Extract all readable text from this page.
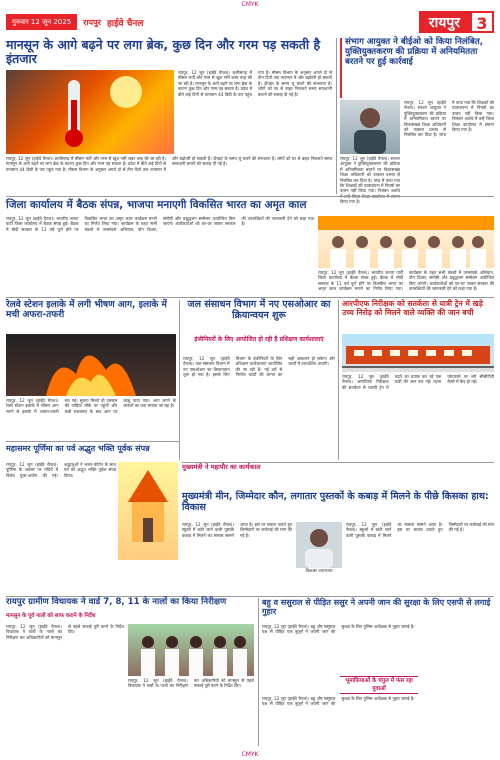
CMYK
गुरुवार 12 जून 2025 रायपुर हाईवे चैनल	रायपुर	3
मानसून के आगे बढ़ने पर लगा ब्रेक, कुछ दिन और गरम पड़ सकती है इंतजार
रायपुर, 12 जून (हाईवे चैनल)। छत्तीसगढ़ में मौसम भर्ती और गरम से खुश गर्मी जबर तरह की जा रही है। मानसून के आगे बढ़ने पर लगा ब्रेक के कारण कुछ दिन और गरम पड़ सकता है। प्रदेश में बीते कई दिनों से तापमान 44 डिग्री के पार पहुंच गया है। मौसम विभाग के अनुसार अगले दो से तीन दिनों तक तापमान में और बढ़ोतरी हो सकती है। दोपहर के समय लू चलने की संभावना है। लोगों को घर से बाहर निकलते समय सावधानी बरतने की सलाह दी गई है।
रायपुर, 12 जून (हाईवे चैनल)। छत्तीसगढ़ में मौसम भर्ती और गरम से खुश गर्मी जबर तरह की जा रही है। मानसून के आगे बढ़ने पर लगा ब्रेक के कारण कुछ दिन और गरम पड़ सकता है। प्रदेश में बीते कई दिनों से तापमान 44 डिग्री के पार पहुंच गया है। मौसम विभाग के अनुसार अगले दो से तीन दिनों तक तापमान में और बढ़ोतरी हो सकती है। दोपहर के समय लू चलने की संभावना है। लोगों को घर से बाहर निकलते समय सावधानी बरतने की सलाह दी गई है।
संभाग आयुक्त ने बीईओ को किया निलंबित, युक्तियुक्तकरण की प्रक्रिया में अनियमितता बरतने पर हुई कार्रवाई
रायपुर, 12 जून (हाईवे चैनल)। संभाग आयुक्त ने युक्तियुक्तकरण की प्रक्रिया में अनियमितता बरतने पर विकासखंड शिक्षा अधिकारी को तत्काल प्रभाव से निलंबित कर दिया है। जांच में पाया गया कि शिक्षकों की पदस्थापना में नियमों का पालन नहीं किया गया। निलंबन अवधि में उन्हें जिला शिक्षा कार्यालय में संलग्न किया गया है।
रायपुर, 12 जून (हाईवे चैनल)। संभाग आयुक्त ने युक्तियुक्तकरण की प्रक्रिया में अनियमितता बरतने पर विकासखंड शिक्षा अधिकारी को तत्काल प्रभाव से निलंबित कर दिया है। जांच में पाया गया कि शिक्षकों की पदस्थापना में नियमों का पालन नहीं किया गया। निलंबन अवधि किया गया है।
जिला कार्यालय में बैठक संपन्न, भाजपा मनाएगी विकसित भारत का अमृत काल
रायपुर, 12 जून (हाईवे चैनल)। भारतीय जनता पार्टी जिला कार्यालय में बैठक संपन्न हुई। बैठक में मोदी सरकार के 11 वर्ष पूर्ण होने पर विकसित भारत का अमृत काल कार्यक्रम मनाने का निर्णय लिया गया। कार्यक्रम के तहत सभी मंडलों में जनसंपर्क अभियान, योग दिवस, संगोष्ठी और प्रबुद्धजन सम्मेलन आयोजित किए जाएंगे। कार्यकर्ताओं को घर-घर जाकर सरकार की उपलब्धियों की जानकारी देने को कहा गया है।
रायपुर, 12 जून (हाईवे चैनल)। भारतीय जनता पार्टी जिला कार्यालय में बैठक संपन्न हुई। बैठक में मोदी सरकार के 11 वर्ष पूर्ण होने पर विकसित भारत का अमृत काल कार्यक्रम मनाने का निर्णय लिया गया। कार्यक्रम के तहत सभी मंडलों में जनसंपर्क अभियान, योग दिवस, संगोष्ठी और प्रबुद्धजन सम्मेलन आयोजित किए जाएंगे। कार्यकर्ताओं को घर-घर जाकर सरकार की उपलब्धियों की जानकारी देने को कहा गया है।
रेलवे स्टेशन इलाके में लगी भीषण आग, इलाके में मची अफरा-तफरी
रायपुर, 12 जून (हाईवे चैनल)। रेलवे स्टेशन इलाके में भीषण आग लगने से इलाके में अफरा-तफरी मच गई। सूचना मिलते ही दमकल की गाड़ियां मौके पर पहुंचीं और कड़ी मशक्कत के बाद आग पर काबू पाया गया। आग लगने के कारणों का पता लगाया जा रहा है।
जल संसाधन विभाग में नए एसओआर का क्रियान्वयन शुरू
इंजीनियरों के लिए आयोजित हो रही है प्रशिक्षण कार्यशालाएं
रायपुर, 12 जून (हाईवे चैनल)। जल संसाधन विभाग में नए एसओआर का क्रियान्वयन शुरू हो गया है। इसके लिए विभाग के इंजीनियरों के लिए प्रशिक्षण कार्यशालाएं आयोजित की जा रही हैं। नई दरों से निर्माण कार्यों की लागत का सही आकलन हो सकेगा और कार्यों में पारदर्शिता आएगी।
आरपीएफ निरीक्षक को सतर्कता से यात्री ट्रेन में खड़े उच्च निरोड़ को मिलने वाले व्यक्ति की जान बची
रायपुर, 12 जून (हाईवे चैनल)। आरपीएफ निरीक्षक की सतर्कता से चलती ट्रेन में चढ़ने का प्रयास कर रहे एक यात्री की जान बच गई। घटना प्लेटफार्म पर लगे सीसीटीवी कैमरे में कैद हो गई।
महासमर पूर्णिमा का पर्व अद्भुत भक्ति पूर्वक संपन्न
रायपुर, 12 जून (हाईवे चैनल)। पूर्णिमा के अवसर पर मंदिरों में विशेष पूजा-अर्चना की गई। श्रद्धालुओं ने भजन-कीर्तन के साथ पर्व को अद्भुत भक्ति पूर्वक संपन्न किया।
मुख्यमंत्री ने महापौर का कार्यकाल
मुख्यमंत्री मीन, जिम्मेदार कौन, लगातार पुस्तकों के कबाड़ में मिलने के पीछे किसका हाथ: विकास
रायपुर, 12 जून (हाईवे चैनल)। स्कूलों में बांटी जाने वाली पुस्तकें कबाड़ में मिलने का मामला सामने आया है। इस पर सवाल उठाते हुए जिम्मेदारों पर कार्रवाई की मांग की गई है।
विकास उपाध्याय
रायपुर, 12 जून (हाईवे चैनल)। स्कूलों में बांटी जाने वाली पुस्तकें कबाड़ में मिलने का मामला सामने आया है। इस पर सवाल उठाते हुए जिम्मेदारों पर कार्रवाई की मांग की गई है।
रायपुर ग्रामीण विधायक ने वार्ड 7, 8, 11 के नालों का किया निरीक्षण
मानसून के पूर्व नालों को साफ कराने के निर्देश
रायपुर, 12 जून (हाईवे चैनल)। विधायक ने वार्डों के नालों का निरीक्षण कर अधिकारियों को मानसून से पहले सफाई पूरी करने के निर्देश दिए।
रायपुर, 12 जून (हाईवे चैनल)। विधायक ने वार्डों के नालों का निरीक्षण कर अधिकारियों को मानसून से पहले सफाई पूरी करने के निर्देश दिए।
बहु व ससुराल से पीड़ित ससुर ने अपनी जान की सुरक्षा के लिए एसपी से लगाई गुहार
रायपुर, 12 जून (हाईवे चैनल)। बहू और ससुराल पक्ष से पीड़ित एक बुजुर्ग ने अपनी जान की सुरक्षा के लिए पुलिस अधीक्षक से गुहार लगाई है।
भूमाफियाओं के चंगुल में फंस रहा युवाओं
रायपुर, 12 जून (हाईवे चैनल)। बहू और ससुराल पक्ष से पीड़ित एक बुजुर्ग ने अपनी जान की सुरक्षा के लिए पुलिस अधीक्षक से गुहार लगाई है।
CMYK
